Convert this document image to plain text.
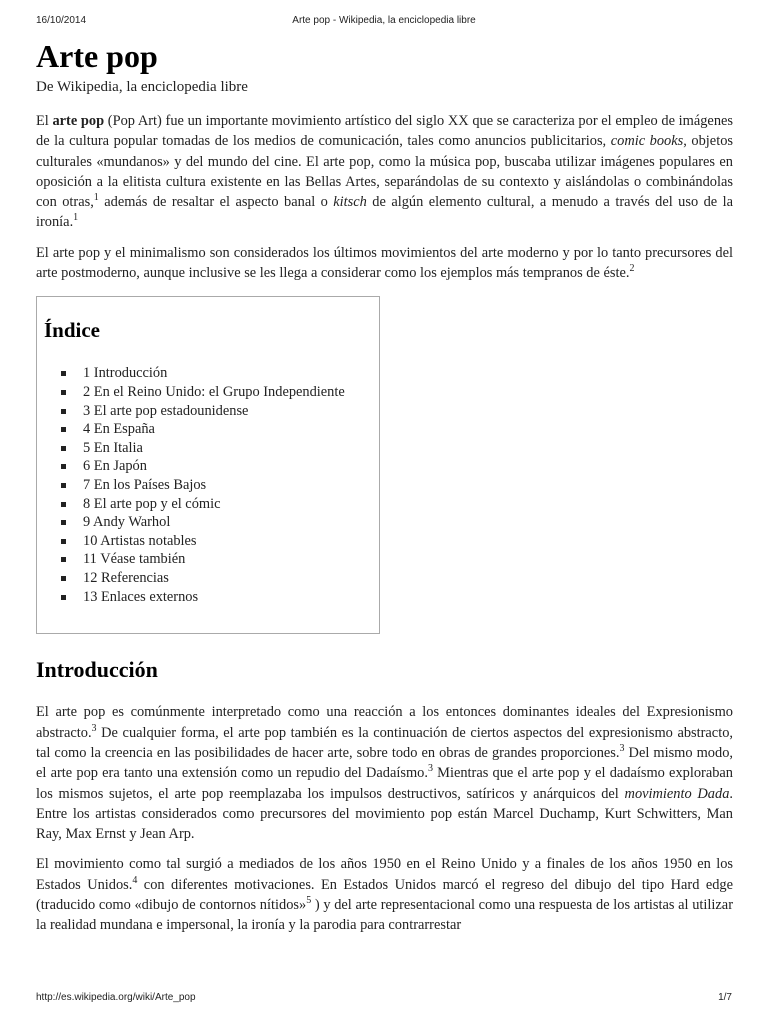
16/10/2014	Arte pop - Wikipedia, la enciclopedia libre
Arte pop
De Wikipedia, la enciclopedia libre

El arte pop (Pop Art) fue un importante movimiento artístico del siglo XX que se caracteriza por el empleo de imágenes de la cultura popular tomadas de los medios de comunicación, tales como anuncios publicitarios, comic books, objetos culturales «mundanos» y del mundo del cine. El arte pop, como la música pop, buscaba utilizar imágenes populares en oposición a la elitista cultura existente en las Bellas Artes, separándolas de su contexto y aislándolas o combinándolas con otras,$^1$ además de resaltar el aspecto banal o kitsch de algún elemento cultural, a menudo a través del uso de la ironía.$^1$

El arte pop y el minimalismo son considerados los últimos movimientos del arte moderno y por lo tanto precursores del arte postmoderno, aunque inclusive se les llega a considerar como los ejemplos más tempranos de éste.$^2$

Índice
1 Introducción
2 En el Reino Unido: el Grupo Independiente
3 El arte pop estadounidense
4 En España
5 En Italia
6 En Japón
7 En los Países Bajos
8 El arte pop y el cómic
9 Andy Warhol
10 Artistas notables
11 Véase también
12 Referencias
13 Enlaces externos
Introducción

El arte pop es comúnmente interpretado como una reacción a los entonces dominantes ideales del Expresionismo abstracto.$^3$ De cualquier forma, el arte pop también es la continuación de ciertos aspectos del expresionismo abstracto, tal como la creencia en las posibilidades de hacer arte, sobre todo en obras de grandes proporciones.$^3$ Del mismo modo, el arte pop era tanto una extensión como un repudio del Dadaísmo.$^3$ Mientras que el arte pop y el dadaísmo exploraban los mismos sujetos, el arte pop reemplazaba los impulsos destructivos, satíricos y anárquicos del movimiento Dada. Entre los artistas considerados como precursores del movimiento pop están Marcel Duchamp, Kurt Schwitters, Man Ray, Max Ernst y Jean Arp.

El movimiento como tal surgió a mediados de los años 1950 en el Reino Unido y a finales de los años 1950 en los Estados Unidos.$^4$ con diferentes motivaciones. En Estados Unidos marcó el regreso del dibujo del tipo Hard edge (traducido como «dibujo de contornos nítidos»$^5$ ) y del arte representacional como una respuesta de los artistas al utilizar la realidad mundana e impersonal, la ironía y la parodia para contrarrestar

http://es.wikipedia.org/wiki/Arte_pop	1/7
